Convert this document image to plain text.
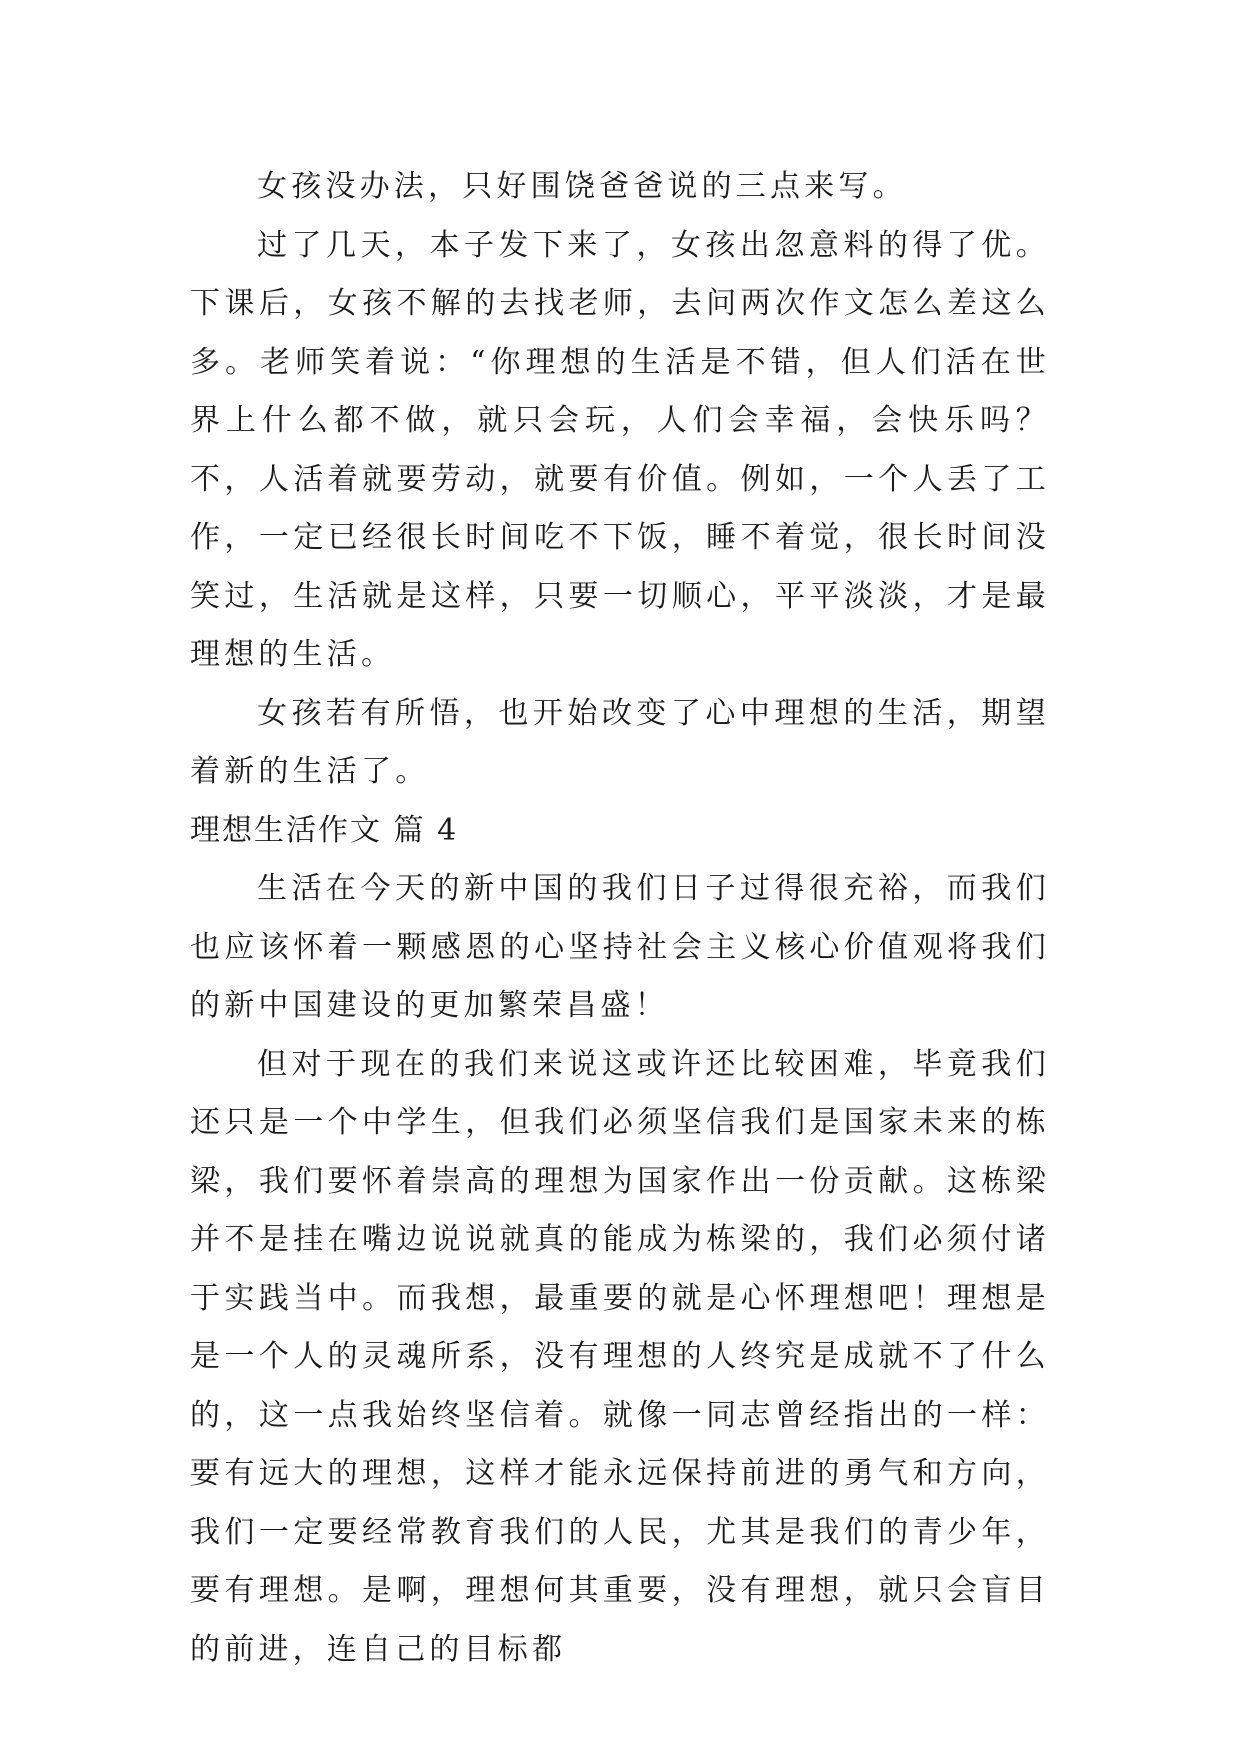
女孩没办法，只好围饶爸爸说的三点来写。

过了几天，本子发下来了，女孩出忽意料的得了优。下课后，女孩不解的去找老师，去问两次作文怎么差这么多。老师笑着说：“你理想的生活是不错，但人们活在世界上什么都不做，就只会玩，人们会幸福，会快乐吗？不，人活着就要劳动，就要有价值。例如，一个人丢了工作，一定已经很长时间吃不下饭，睡不着觉，很长时间没笑过，生活就是这样，只要一切顺心，平平淡淡，才是最理想的生活。

女孩若有所悟，也开始改变了心中理想的生活，期望着新的生活了。

理想生活作文 篇 4

生活在今天的新中国的我们日子过得很充裕，而我们也应该怀着一颗感恩的心坚持社会主义核心价值观将我们的新中国建设的更加繁荣昌盛！

但对于现在的我们来说这或许还比较困难，毕竟我们还只是一个中学生，但我们必须坚信我们是国家未来的栋梁，我们要怀着崇高的理想为国家作出一份贡献。这栋梁并不是挂在嘴边说说就真的能成为栋梁的，我们必须付诸于实践当中。而我想，最重要的就是心怀理想吧！理想是是一个人的灵魂所系，没有理想的人终究是成就不了什么的，这一点我始终坚信着。就像一同志曾经指出的一样：要有远大的理想，这样才能永远保持前进的勇气和方向，我们一定要经常教育我们的人民，尤其是我们的青少年，要有理想。是啊，理想何其重要，没有理想，就只会盲目的前进，连自己的目标都
